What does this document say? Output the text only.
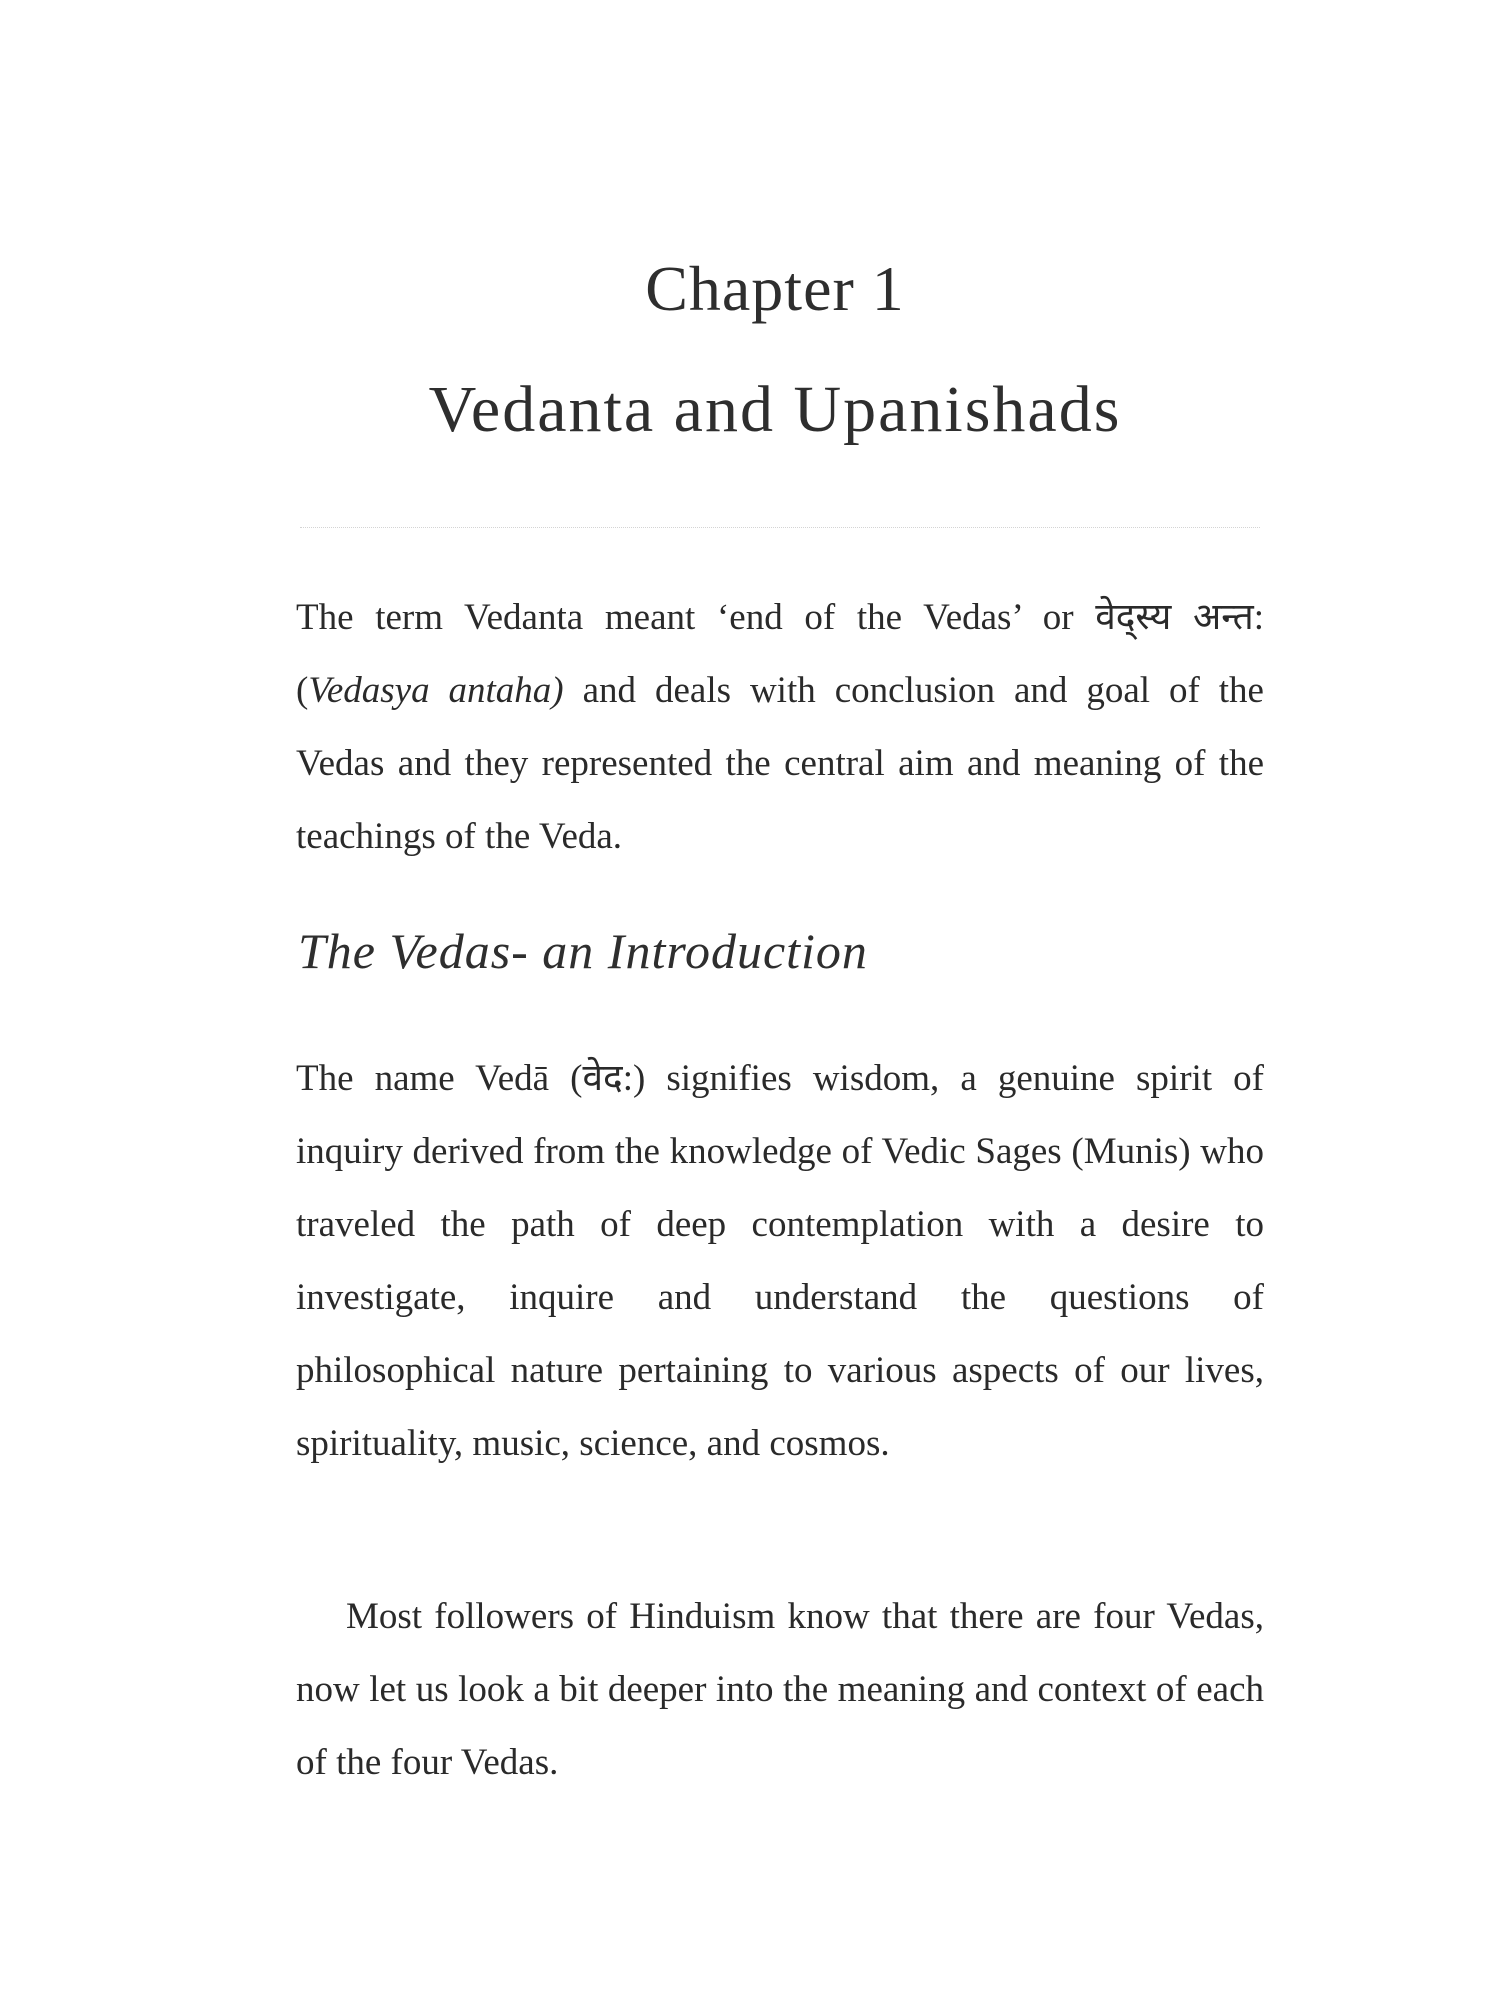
Chapter 1
Vedanta and Upanishads

The term Vedanta meant ‘end of the Vedas’ or वेद्स्य अन्त: (Vedasya antaha) and deals with conclusion and goal of the Vedas and they represented the central aim and meaning of the teachings of the Veda.

The Vedas- an Introduction

The name Vedā (वेद:) signifies wisdom, a genuine spirit of inquiry derived from the knowledge of Vedic Sages (Munis) who traveled the path of deep contemplation with a desire to investigate, inquire and understand the questions of philosophical nature pertaining to various aspects of our lives, spirituality, music, science, and cosmos.

Most followers of Hinduism know that there are four Vedas, now let us look a bit deeper into the meaning and context of each of the four Vedas.
